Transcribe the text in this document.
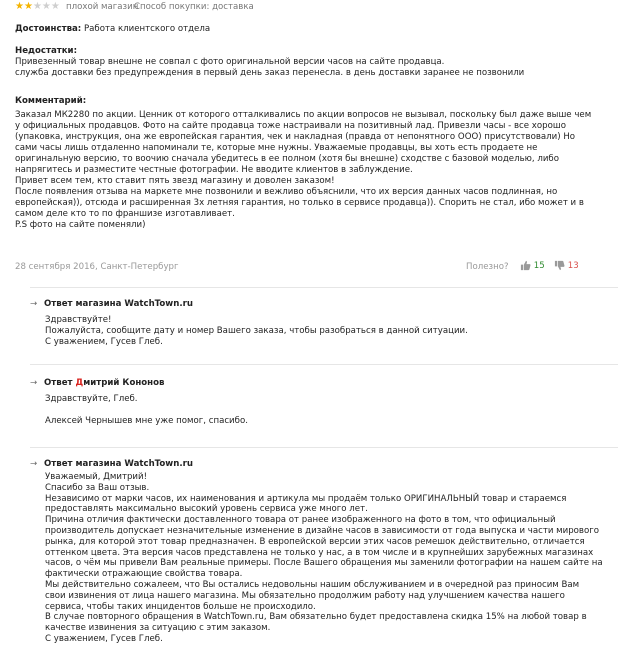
★★★★★ плохой магазин
Способ покупки: доставка
Достоинства: Работа клиентского отдела

Недостатки:

Привезенный товар внешне не совпал с фото оригинальной версии часов на сайте продавца.

служба доставки без предупреждения в первый день заказ перенесла. в день доставки заранее не позвонили

Комментарий:

Заказал МК2280 по акции. Ценник от которого отталкивались по акции вопросов не вызывал, поскольку был даже выше чем

у официальных продавцов. Фото на сайте продавца тоже настраивали на позитивный лад. Привезли часы - все хорошо

(упаковка, инструкция, она же европейская гарантия, чек и накладная (правда от непонятного ООО) присутствовали) Но

сами часы лишь отдаленно напоминали те, которые мне нужны. Уважаемые продавцы, вы хоть есть продаете не

оригинальную версию, то воочию сначала убедитесь в ее полном (хотя бы внешне) сходстве с базовой моделью, либо

напрягитесь и разместите честные фотографии. Не вводите клиентов в заблуждение.

Привет всем тем, кто ставит пять звезд магазину и доволен заказом!

После появления отзыва на маркете мне позвонили и вежливо объяснили, что их версия данных часов подлинная, но

европейская)), отсюда и расширенная 3х летняя гарантия, но только в сервисе продавца)). Спорить не стал, ибо может и в

самом деле кто то по франшизе изготавливает.

P.S фото на сайте поменяли)

28 сентября 2016, Санкт-Петербург	Полезно?	15	13

→ Ответ магазина WatchTown.ru

Здравствуйте!

Пожалуйста, сообщите дату и номер Вашего заказа, чтобы разобраться в данной ситуации.

С уважением, Гусев Глеб.

→ Ответ Дмитрий Кононов

Здравствуйте, Глеб.

Алексей Чернышев мне уже помог, спасибо.

→ Ответ магазина WatchTown.ru

Уважаемый, Дмитрий!

Спасибо за Ваш отзыв.

Независимо от марки часов, их наименования и артикула мы продаём только ОРИГИНАЛЬНЫЙ товар и стараемся

предоставлять максимально высокий уровень сервиса уже много лет.

Причина отличия фактически доставленного товара от ранее изображенного на фото в том, что официальный

производитель допускает незначительные изменение в дизайне часов в зависимости от года выпуска и части мирового

рынка, для которой этот товар предназначен. В европейской версии этих часов ремешок действительно, отличается

оттенком цвета. Эта версия часов представлена не только у нас, а в том числе и в крупнейших зарубежных магазинах

часов, о чём мы привели Вам реальные примеры. После Вашего обращения мы заменили фотографии на нашем сайте на

фактически отражающие свойства товара.

Мы действительно сожалеем, что Вы остались недовольны нашим обслуживанием и в очередной раз приносим Вам

свои извинения от лица нашего магазина. Мы обязательно продолжим работу над улучшением качества нашего

сервиса, чтобы таких инцидентов больше не происходило.

В случае повторного обращения в WatchTown.ru, Вам обязательно будет предоставлена скидка 15% на любой товар в

качестве извинения за ситуацию с этим заказом.

С уважением, Гусев Глеб.
